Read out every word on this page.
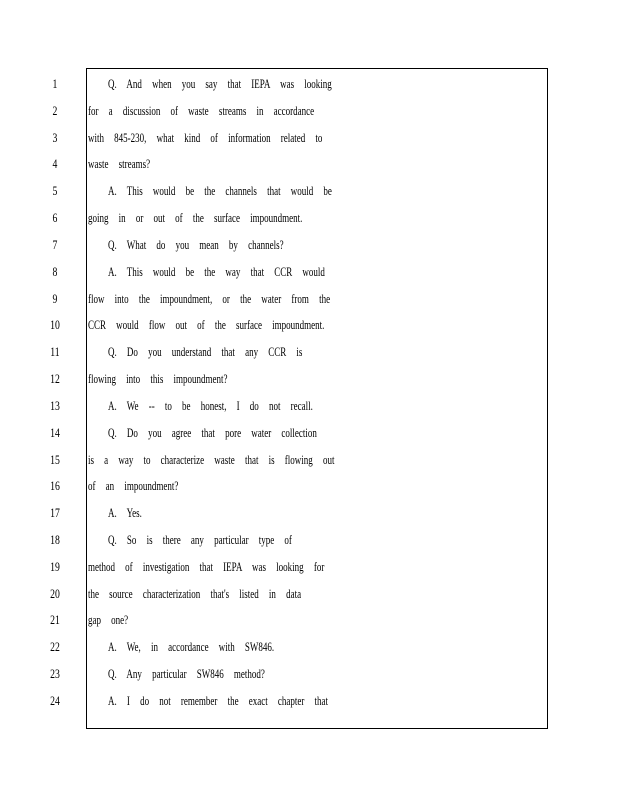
1	Q. And when you say that IEPA was looking
2	for a discussion of waste streams in accordance
3	with 845-230, what kind of information related to
4	waste streams?
5	A. This would be the channels that would be
6	going in or out of the surface impoundment.
7	Q. What do you mean by channels?
8	A. This would be the way that CCR would
9	flow into the impoundment, or the water from the
10	CCR would flow out of the surface impoundment.
11	Q. Do you understand that any CCR is
12	flowing into this impoundment?
13	A. We -- to be honest, I do not recall.
14	Q. Do you agree that pore water collection
15	is a way to characterize waste that is flowing out
16	of an impoundment?
17	A. Yes.
18	Q. So is there any particular type of
19	method of investigation that IEPA was looking for
20	the source characterization that's listed in data
21	gap one?
22	A. We, in accordance with SW846.
23	Q. Any particular SW846 method?
24	A. I do not remember the exact chapter that
